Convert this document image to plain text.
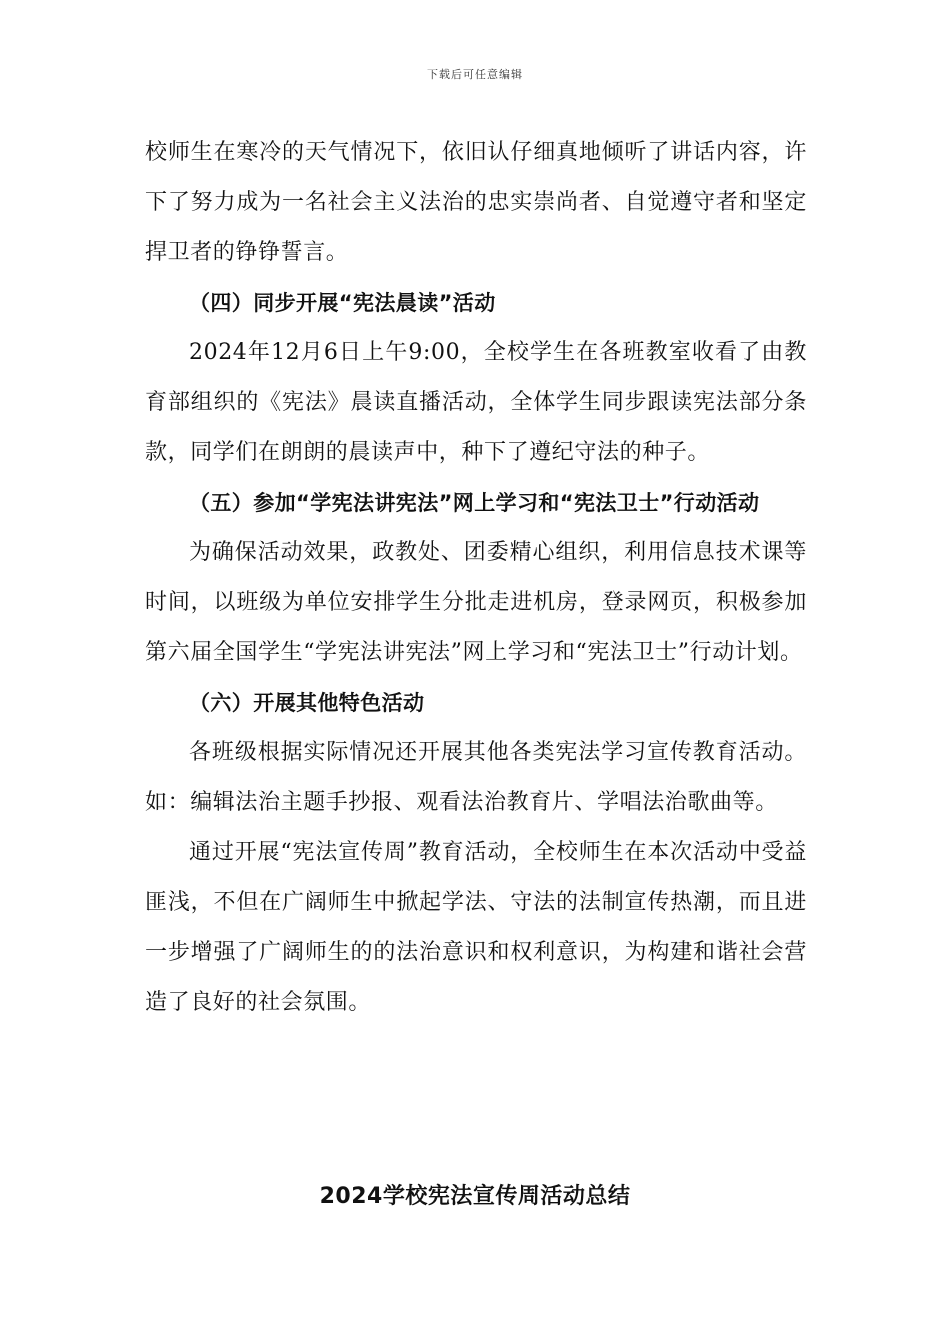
下载后可任意编辑

校师生在寒冷的天气情况下，依旧认仔细真地倾听了讲话内容，许下了努力成为一名社会主义法治的忠实崇尚者、自觉遵守者和坚定捍卫者的铮铮誓言。

（四）同步开展“宪法晨读”活动

2024年12月6日上午9:00，全校学生在各班教室收看了由教育部组织的《宪法》晨读直播活动，全体学生同步跟读宪法部分条款，同学们在朗朗的晨读声中，种下了遵纪守法的种子。

（五）参加“学宪法讲宪法”网上学习和“宪法卫士”行动活动

为确保活动效果，政教处、团委精心组织，利用信息技术课等时间，以班级为单位安排学生分批走进机房，登录网页，积极参加第六届全国学生“学宪法讲宪法”网上学习和“宪法卫士”行动计划。

（六）开展其他特色活动

各班级根据实际情况还开展其他各类宪法学习宣传教育活动。如：编辑法治主题手抄报、观看法治教育片、学唱法治歌曲等。

通过开展“宪法宣传周”教育活动，全校师生在本次活动中受益匪浅，不但在广阔师生中掀起学法、守法的法制宣传热潮，而且进一步增强了广阔师生的的法治意识和权利意识，为构建和谐社会营造了良好的社会氛围。

2024学校宪法宣传周活动总结
